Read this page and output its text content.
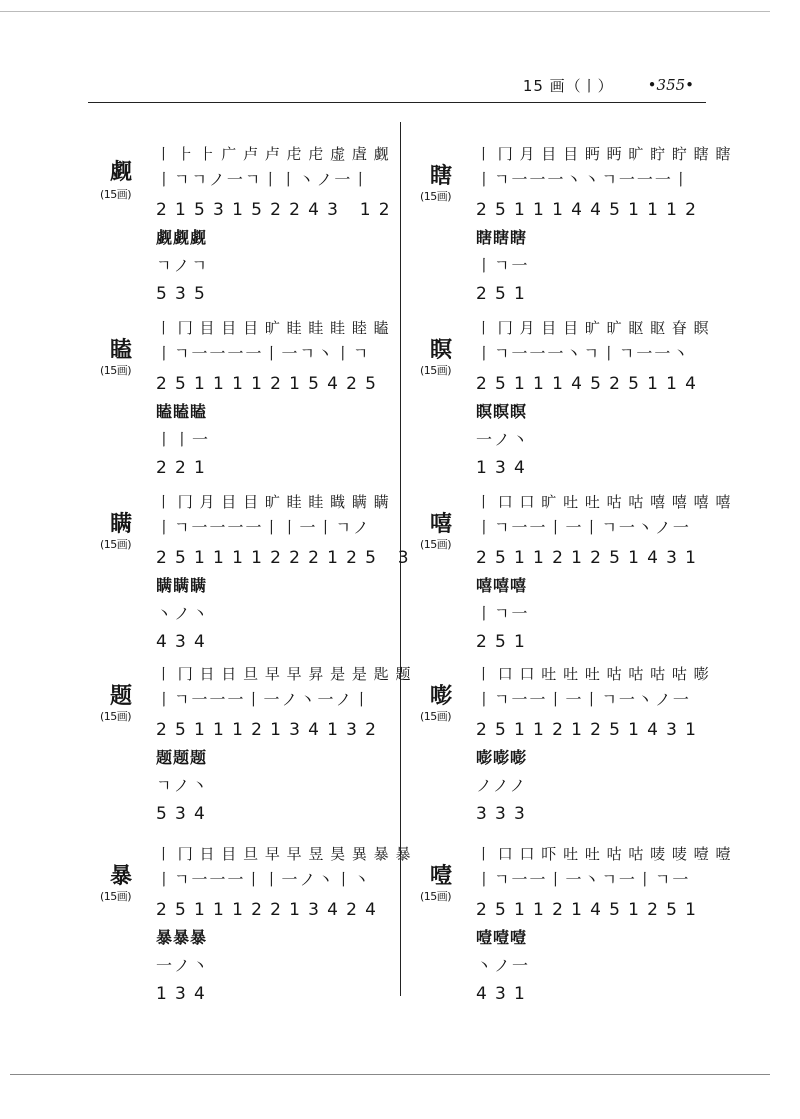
15 画（丨） •355•
觑
(15画)
丨 ⺊ ⺊ 广 卢 卢 虍 虍 虚 虘 觑
丨ㄱㄱノ一ㄱ丨丨丶ノ一丨
2153152243 12
觑觑觑
ㄱノㄱ
535
瞌
(15画)
丨 冂 目 目 目 旷 眭 眭 眭 睦 瞌
丨ㄱ一一一一丨一ㄱ丶丨ㄱ
251111215425
瞌瞌瞌
丨丨一
221
瞒
(15画)
丨 冂 月 目 目 旷 眭 眭 睵 瞒 瞒
丨ㄱ一一一一丨丨一丨ㄱノ
251111222125 3
瞒瞒瞒
丶ノ丶
434
题
(15画)
丨 冂 日 日 旦 早 早 昇 是 是 匙 题
丨ㄱ一一一丨一ノ丶一ノ丨
251112134132
题题题
ㄱノ丶
534
暴
(15画)
丨 冂 日 目 旦 早 早 昱 昊 異 暴 暴
丨ㄱ一一一丨丨一ノ丶丨丶
251112213424
暴暴暴
一ノ丶
134
瞎
(15画)
丨 冂 月 目 目 眄 眄 旷 眝 眝 瞎 瞎
丨ㄱ一一一丶丶ㄱ一一一丨
251114451112
瞎瞎瞎
丨ㄱ一
251
瞑
(15画)
丨 冂 月 目 目 旷 旷 眍 眍 眘 瞑
丨ㄱ一一一丶ㄱ丨ㄱ一一丶
251114525114
瞑瞑瞑
一ノ丶
134
嘻
(15画)
丨 口 口 旷 吐 吐 咕 咕 嘻 嘻 嘻 嘻
丨ㄱ一一丨一丨ㄱ一丶ノ一
251121251431
嘻嘻嘻
丨ㄱ一
251
嘭
(15画)
丨 口 口 吐 吐 吐 咕 咕 咕 咕 嘭
丨ㄱ一一丨一丨ㄱ一丶ノ一
251121251431
嘭嘭嘭
ノノノ
333
噎
(15画)
丨 口 口 吓 吐 吐 咕 咕 唛 唛 噎 噎
丨ㄱ一一丨一丶ㄱ一丨ㄱ一
251121451251
噎噎噎
丶ノ一
431
